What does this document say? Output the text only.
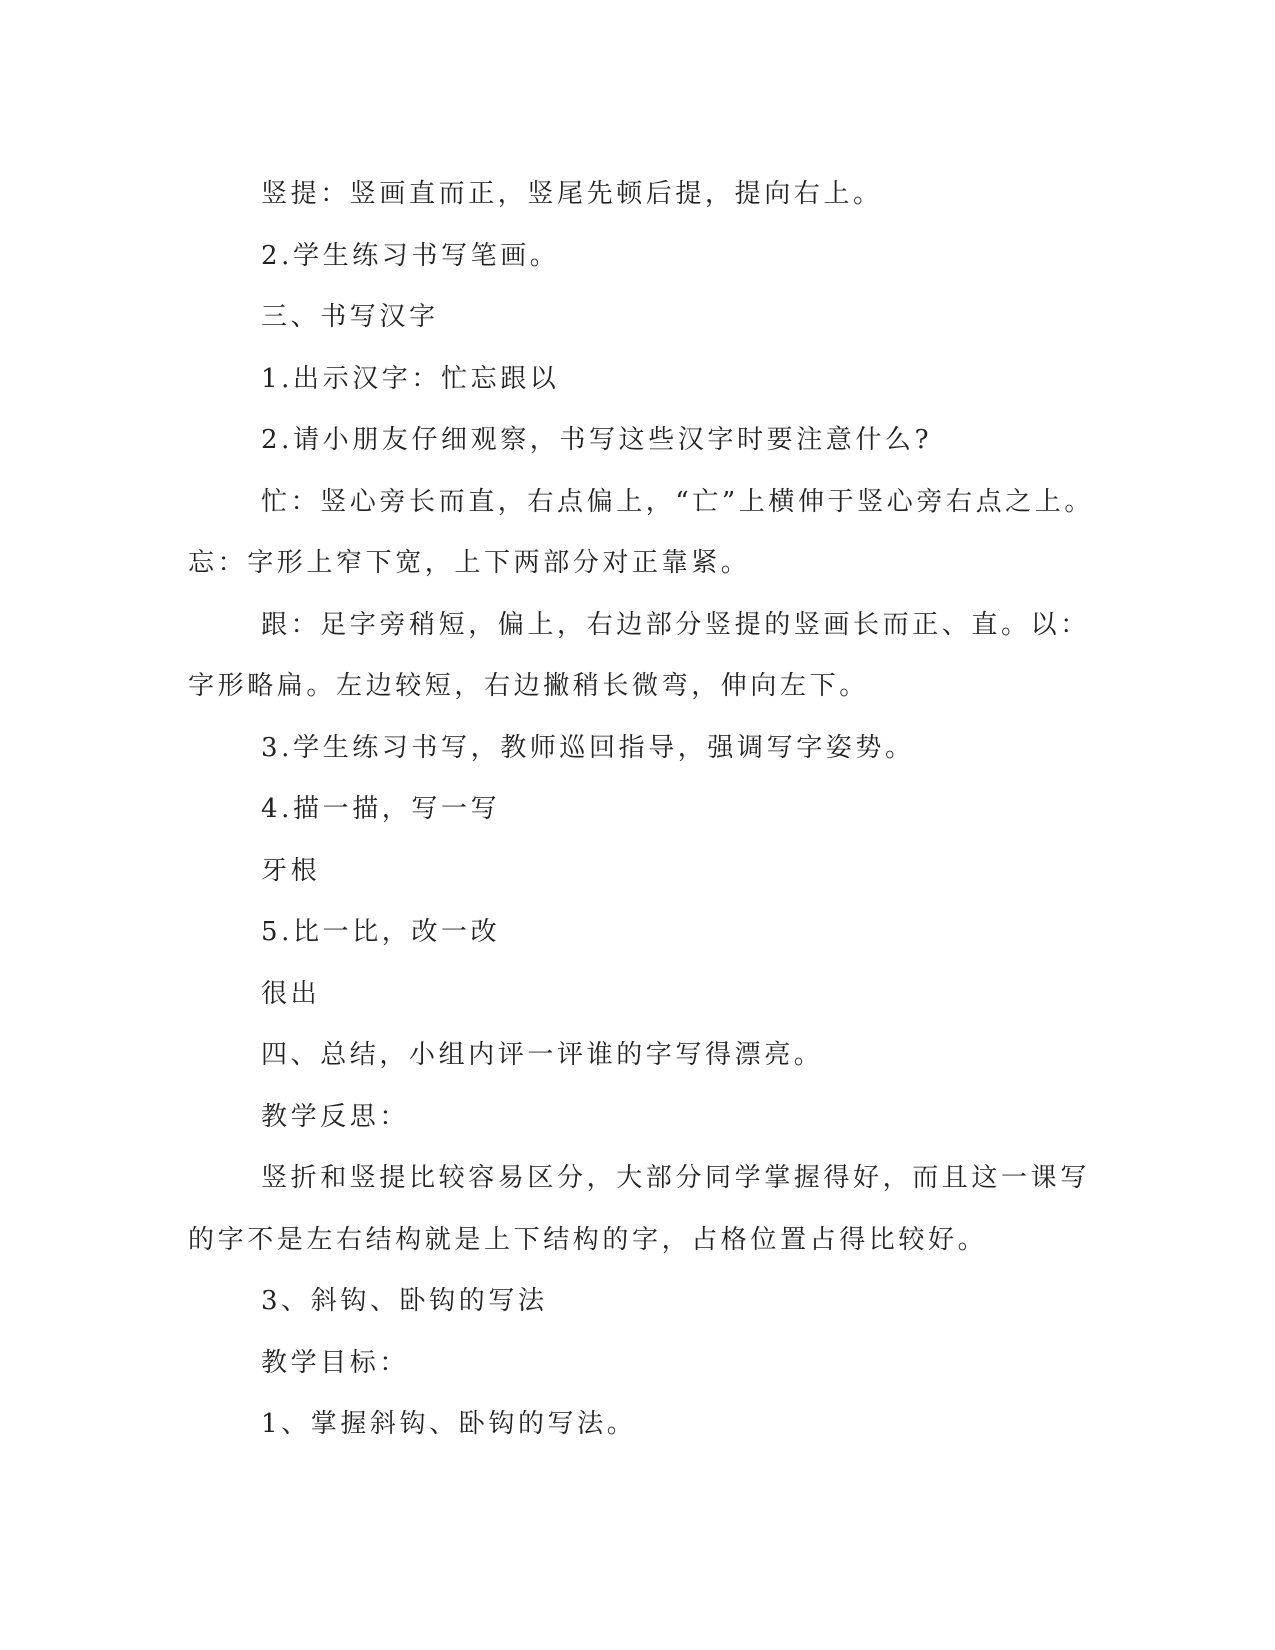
竖提：竖画直而正，竖尾先顿后提，提向右上。

2.学生练习书写笔画。

三、书写汉字

1.出示汉字：忙忘跟以

2.请小朋友仔细观察，书写这些汉字时要注意什么?

忙：竖心旁长而直，右点偏上，“亡”上横伸于竖心旁右点之上。

忘：字形上窄下宽，上下两部分对正靠紧。

跟：足字旁稍短，偏上，右边部分竖提的竖画长而正、直。以：

字形略扁。左边较短，右边撇稍长微弯，伸向左下。

3.学生练习书写，教师巡回指导，强调写字姿势。

4.描一描，写一写

牙根

5.比一比，改一改

很出

四、总结，小组内评一评谁的字写得漂亮。

教学反思：

竖折和竖提比较容易区分，大部分同学掌握得好，而且这一课写

的字不是左右结构就是上下结构的字，占格位置占得比较好。

3、斜钩、卧钩的写法

教学目标：

1、掌握斜钩、卧钩的写法。
